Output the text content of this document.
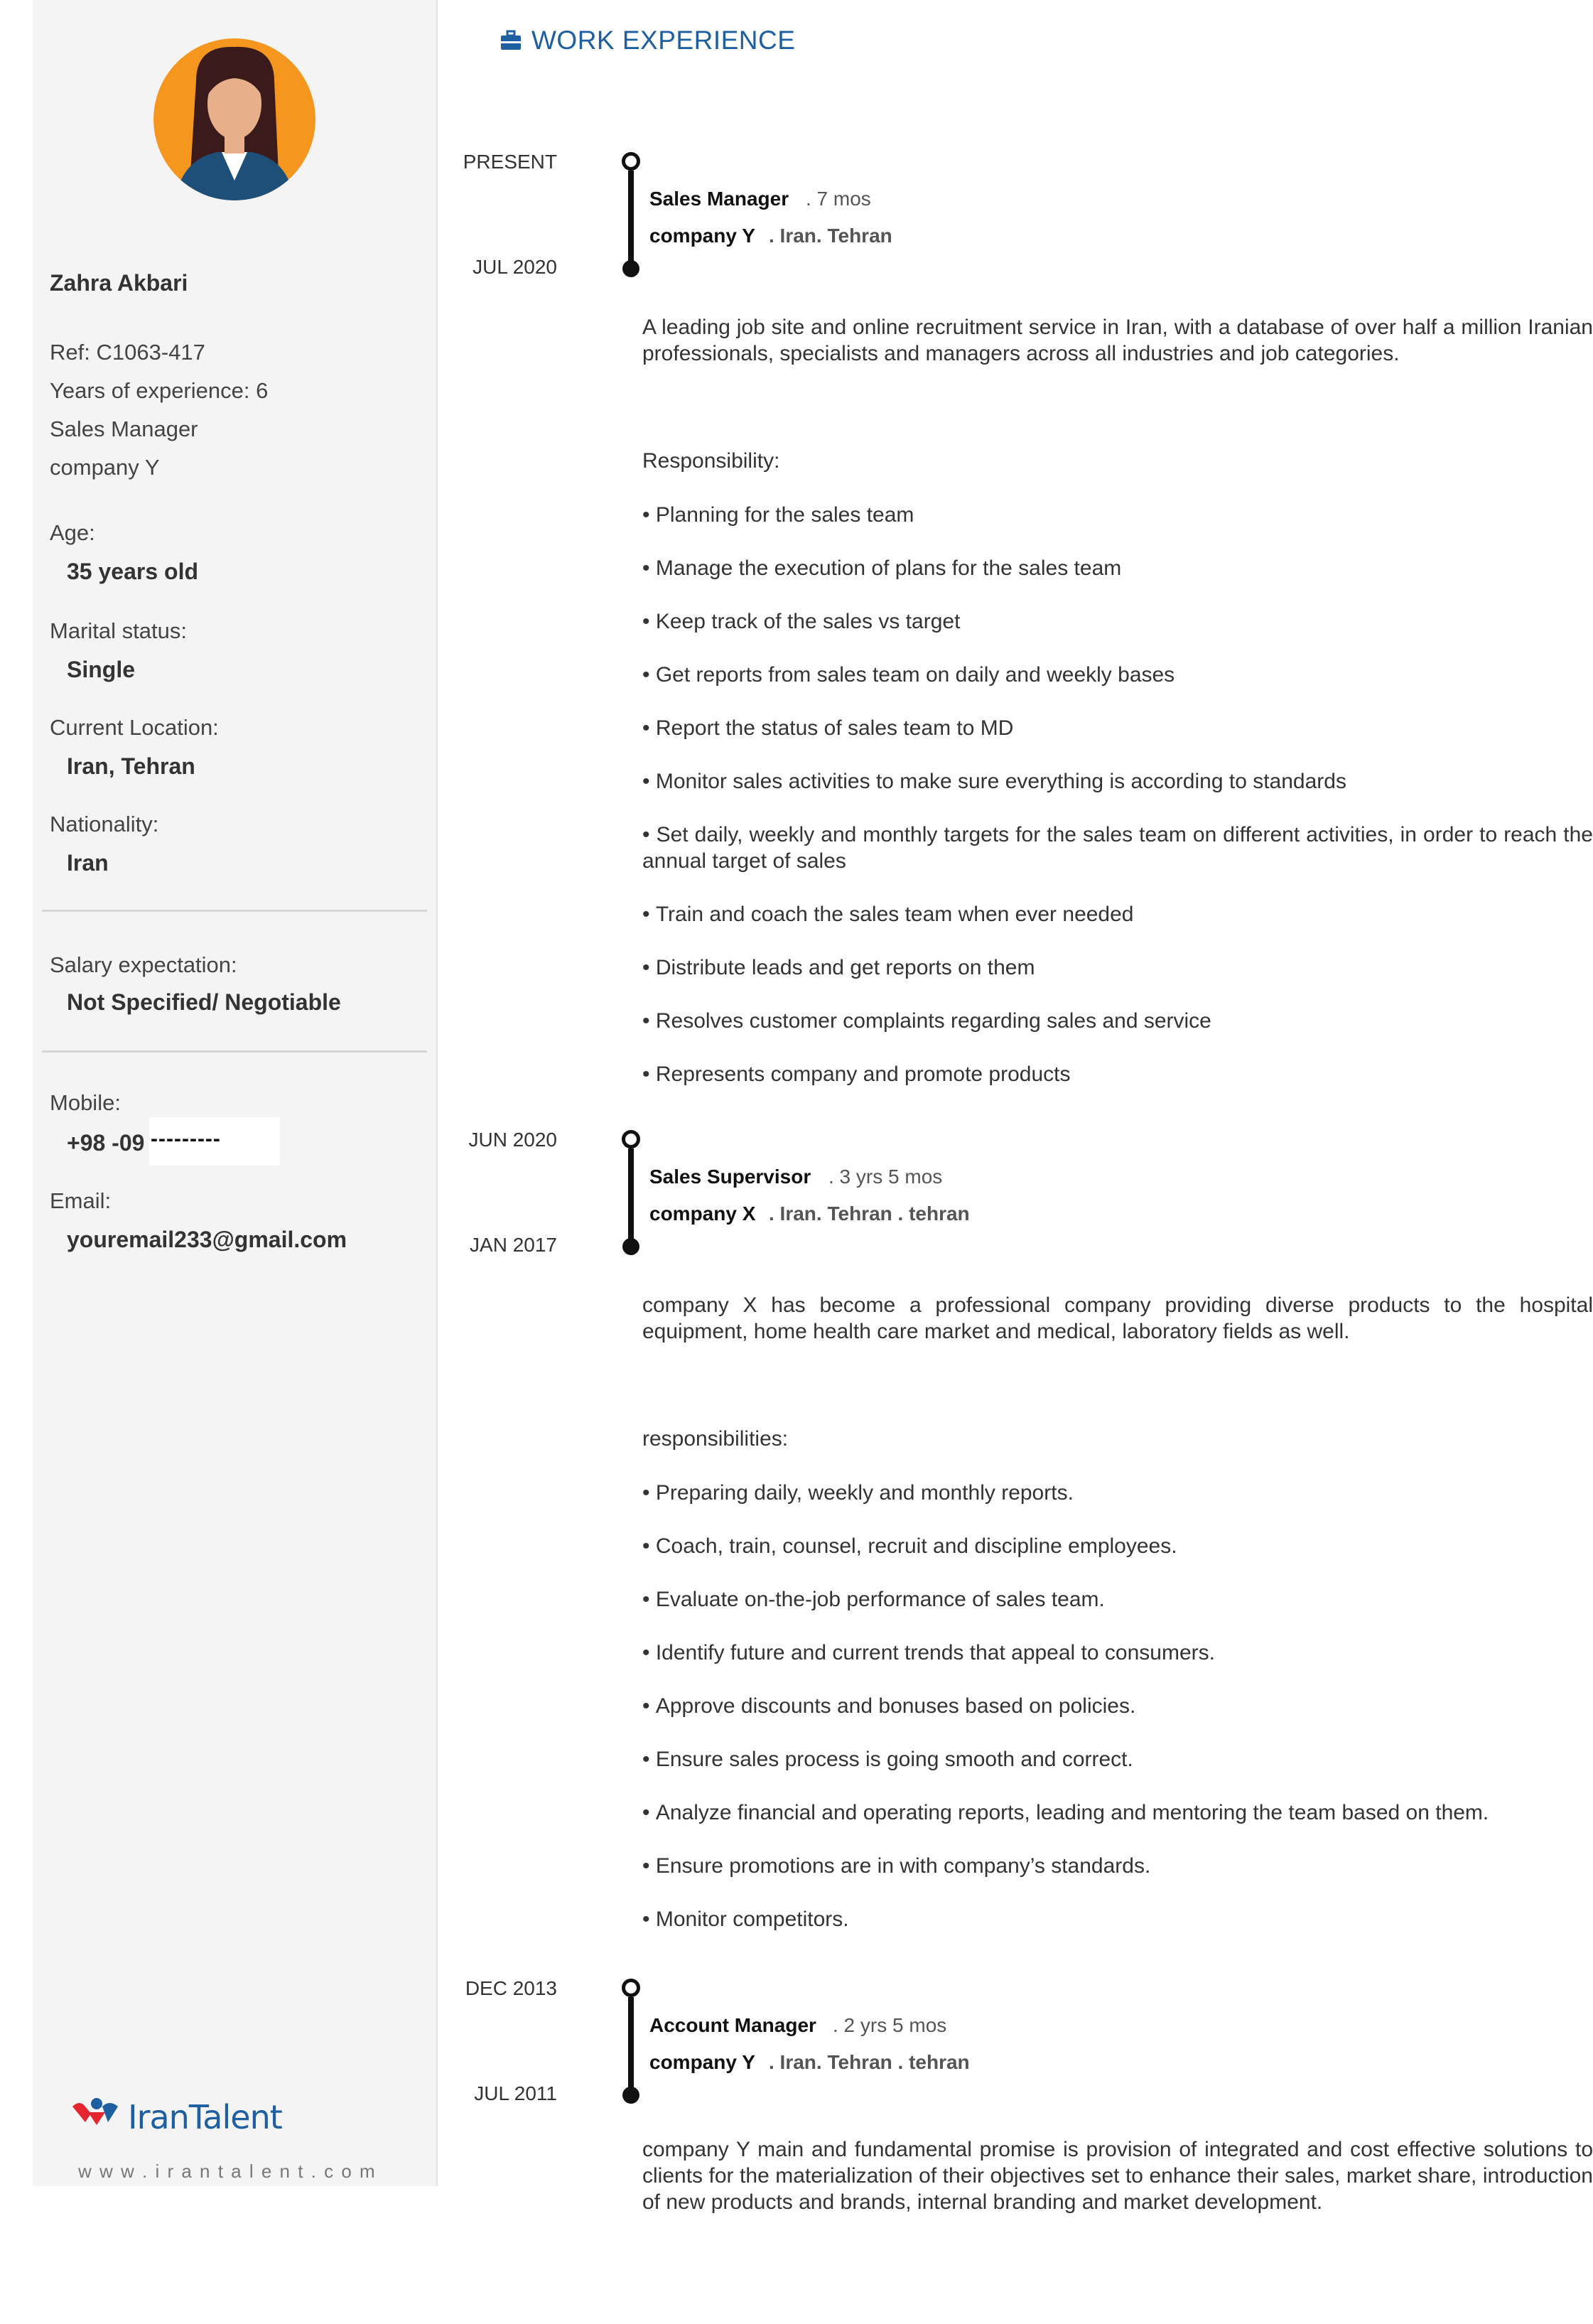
Zahra Akbari
Ref: C1063-417
Years of experience: 6
Sales Manager
company Y
Age:
35 years old
Marital status:
Single
Current Location:
Iran, Tehran
Nationality:
Iran
Salary expectation:
Not Specified/ Negotiable
Mobile:
+98 -09 ---------
Email:
youremail233@gmail.com
IranTalent
w w w . i r a n t a l e n t . c o m
WORK EXPERIENCE
PRESENT
JUL 2020
Sales Manager . 7 mos
company Y . Iran. Tehran
A leading job site and online recruitment service in Iran, with a database of over half a million Iranian professionals, specialists and managers across all industries and job categories.
Responsibility:
• Planning for the sales team
• Manage the execution of plans for the sales team
• Keep track of the sales vs target
• Get reports from sales team on daily and weekly bases
• Report the status of sales team to MD
• Monitor sales activities to make sure everything is according to standards
• Set daily, weekly and monthly targets for the sales team on different activities, in order to reach the annual target of sales
• Train and coach the sales team when ever needed
• Distribute leads and get reports on them
• Resolves customer complaints regarding sales and service
• Represents company and promote products
JUN 2020
JAN 2017
Sales Supervisor . 3 yrs 5 mos
company X . Iran. Tehran . tehran
company X has become a professional company providing diverse products to the hospital equipment, home health care market and medical, laboratory fields as well.
responsibilities:
• Preparing daily, weekly and monthly reports.
• Coach, train, counsel, recruit and discipline employees.
• Evaluate on-the-job performance of sales team.
• Identify future and current trends that appeal to consumers.
• Approve discounts and bonuses based on policies.
• Ensure sales process is going smooth and correct.
• Analyze financial and operating reports, leading and mentoring the team based on them.
• Ensure promotions are in with company’s standards.
• Monitor competitors.
DEC 2013
JUL 2011
Account Manager . 2 yrs 5 mos
company Y . Iran. Tehran . tehran
company Y main and fundamental promise is provision of integrated and cost effective solutions to clients for the materialization of their objectives set to enhance their sales, market share, introduction of new products and brands, internal branding and market development.
